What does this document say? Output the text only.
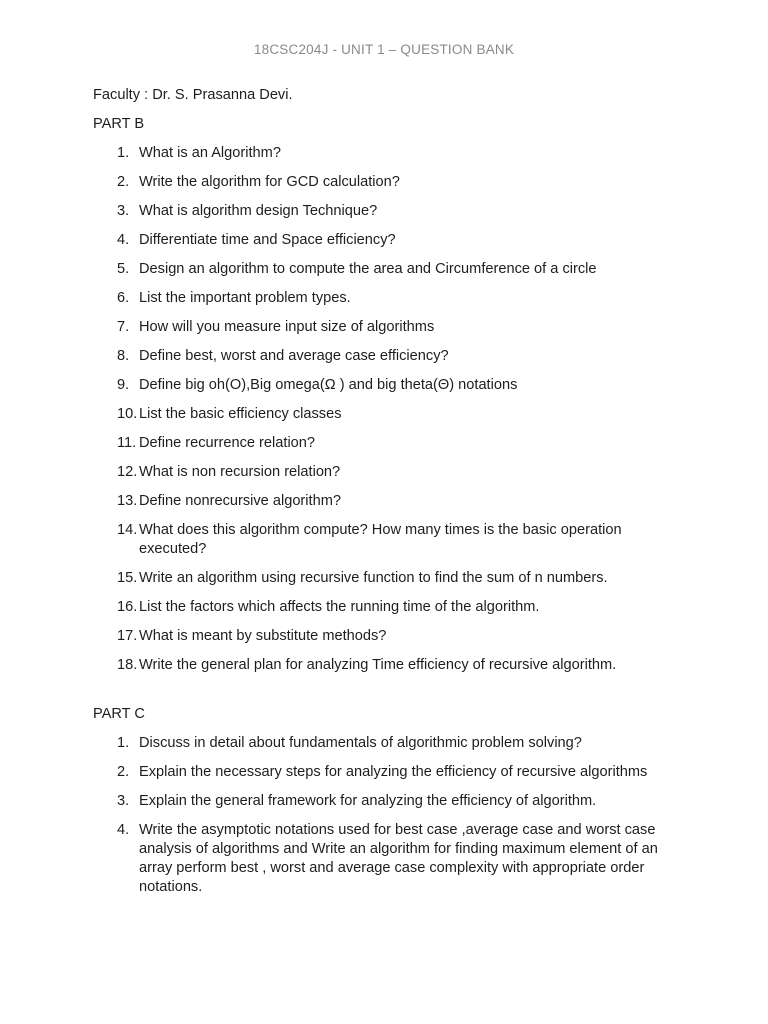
18CSC204J - UNIT 1 – QUESTION BANK
Faculty : Dr. S. Prasanna Devi.
PART B
1. What is an Algorithm?
2. Write the algorithm for GCD calculation?
3. What is algorithm design Technique?
4. Differentiate time and Space efficiency?
5. Design an algorithm to compute the area and Circumference of a circle
6. List the important problem types.
7. How will you measure input size of algorithms
8. Define best, worst and average case efficiency?
9. Define big oh(O),Big omega(Ω ) and big theta(Θ) notations
10. List the basic efficiency classes
11. Define recurrence relation?
12. What is non recursion relation?
13. Define nonrecursive algorithm?
14. What does this algorithm compute? How many times is the basic operation executed?
15. Write an algorithm using recursive function to find the sum of n numbers.
16. List the factors which affects the running time of the algorithm.
17. What is meant by substitute methods?
18. Write the general plan for analyzing Time efficiency of recursive algorithm.
PART C
1. Discuss in detail about fundamentals of algorithmic problem solving?
2. Explain the necessary steps for analyzing the efficiency of recursive algorithms
3. Explain the general framework for analyzing the efficiency of algorithm.
4. Write the asymptotic notations used for best case ,average case and worst case analysis of algorithms and Write an algorithm for finding maximum element of an array perform best , worst and average case complexity with appropriate order notations.
